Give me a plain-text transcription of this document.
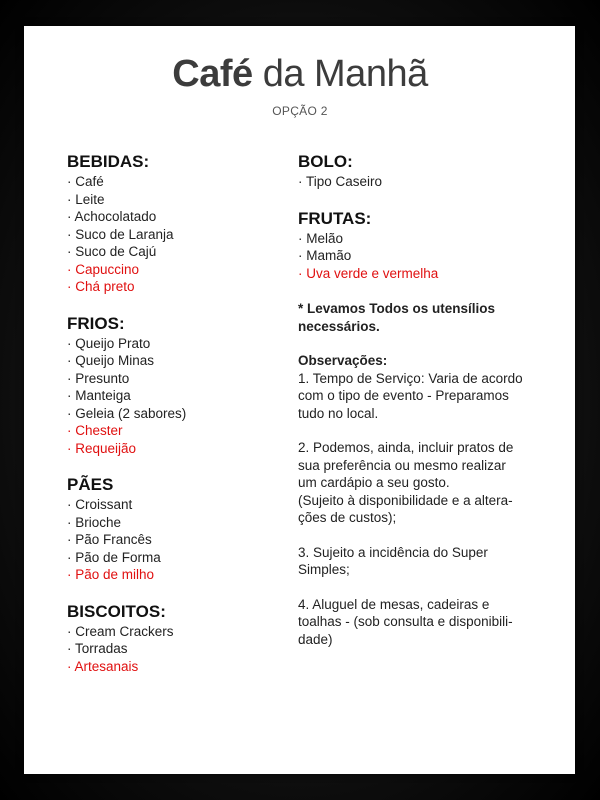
Café da Manhã
OPÇÃO 2
BEBIDAS:
· Café
· Leite
· Achocolatado
· Suco de Laranja
· Suco de Cajú
· Capuccino
· Chá preto
FRIOS:
· Queijo Prato
· Queijo Minas
· Presunto
· Manteiga
· Geleia (2 sabores)
· Chester
· Requeijão
PÃES
· Croissant
· Brioche
· Pão Francês
· Pão de Forma
· Pão de milho
BISCOITOS:
· Cream Crackers
· Torradas
· Artesanais
BOLO:
· Tipo Caseiro
FRUTAS:
· Melão
· Mamão
· Uva verde e vermelha
* Levamos Todos os utensílios
necessários.
Observações:
1. Tempo de Serviço: Varia de acordo
com o tipo de evento - Preparamos
tudo no local.
2. Podemos, ainda, incluir pratos de
sua preferência ou mesmo realizar
um cardápio a seu gosto.
(Sujeito à disponibilidade e a altera-
ções de custos);
3. Sujeito a incidência do Super
Simples;
4. Aluguel de mesas, cadeiras e
toalhas - (sob consulta e disponibili-
dade)
